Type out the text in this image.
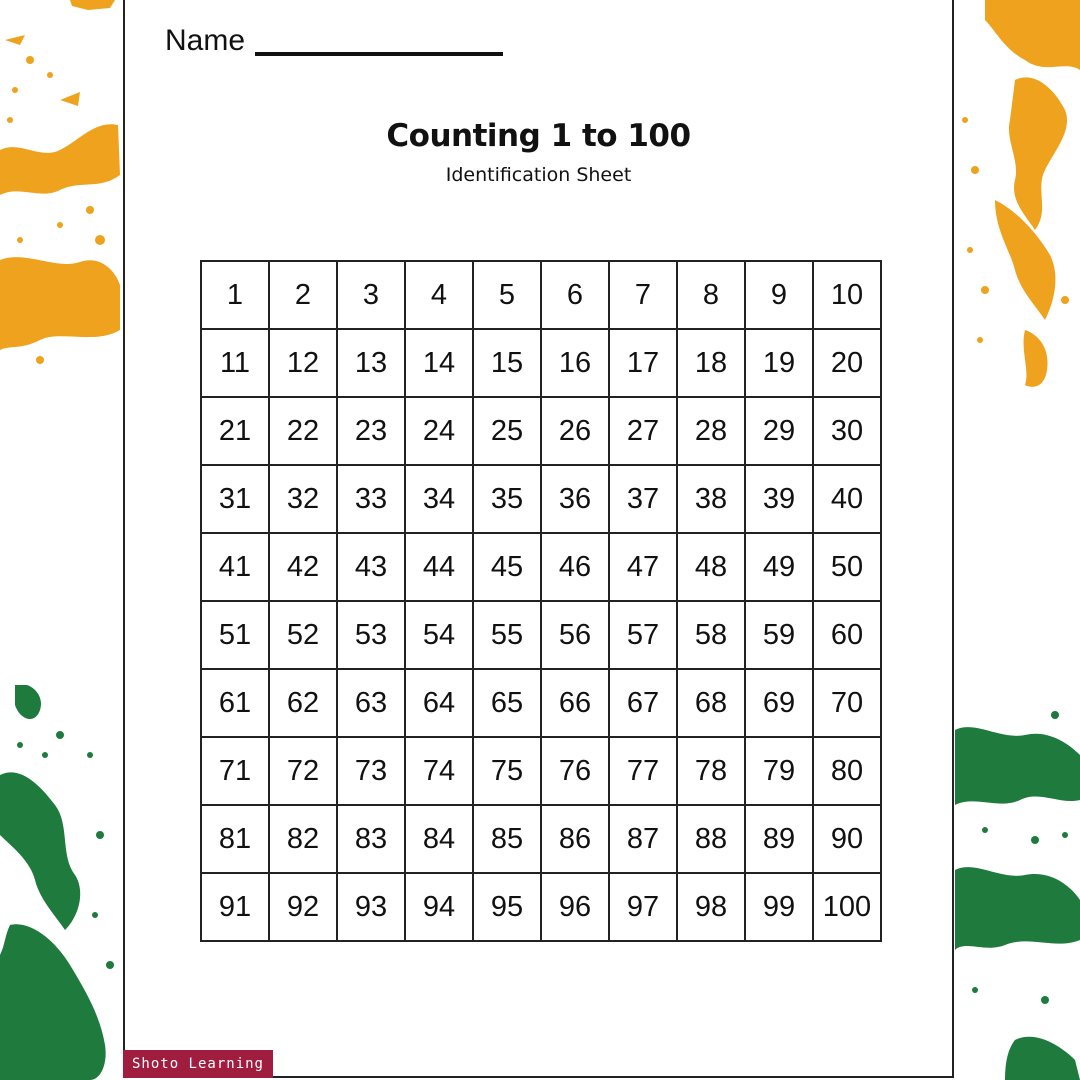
Name
Counting 1 to 100
Identification Sheet
1	2	3	4	5	6	7	8	9	10
11	12	13	14	15	16	17	18	19	20
21	22	23	24	25	26	27	28	29	30
31	32	33	34	35	36	37	38	39	40
41	42	43	44	45	46	47	48	49	50
51	52	53	54	55	56	57	58	59	60
61	62	63	64	65	66	67	68	69	70
71	72	73	74	75	76	77	78	79	80
81	82	83	84	85	86	87	88	89	90
91	92	93	94	95	96	97	98	99	100
Shoto Learning
